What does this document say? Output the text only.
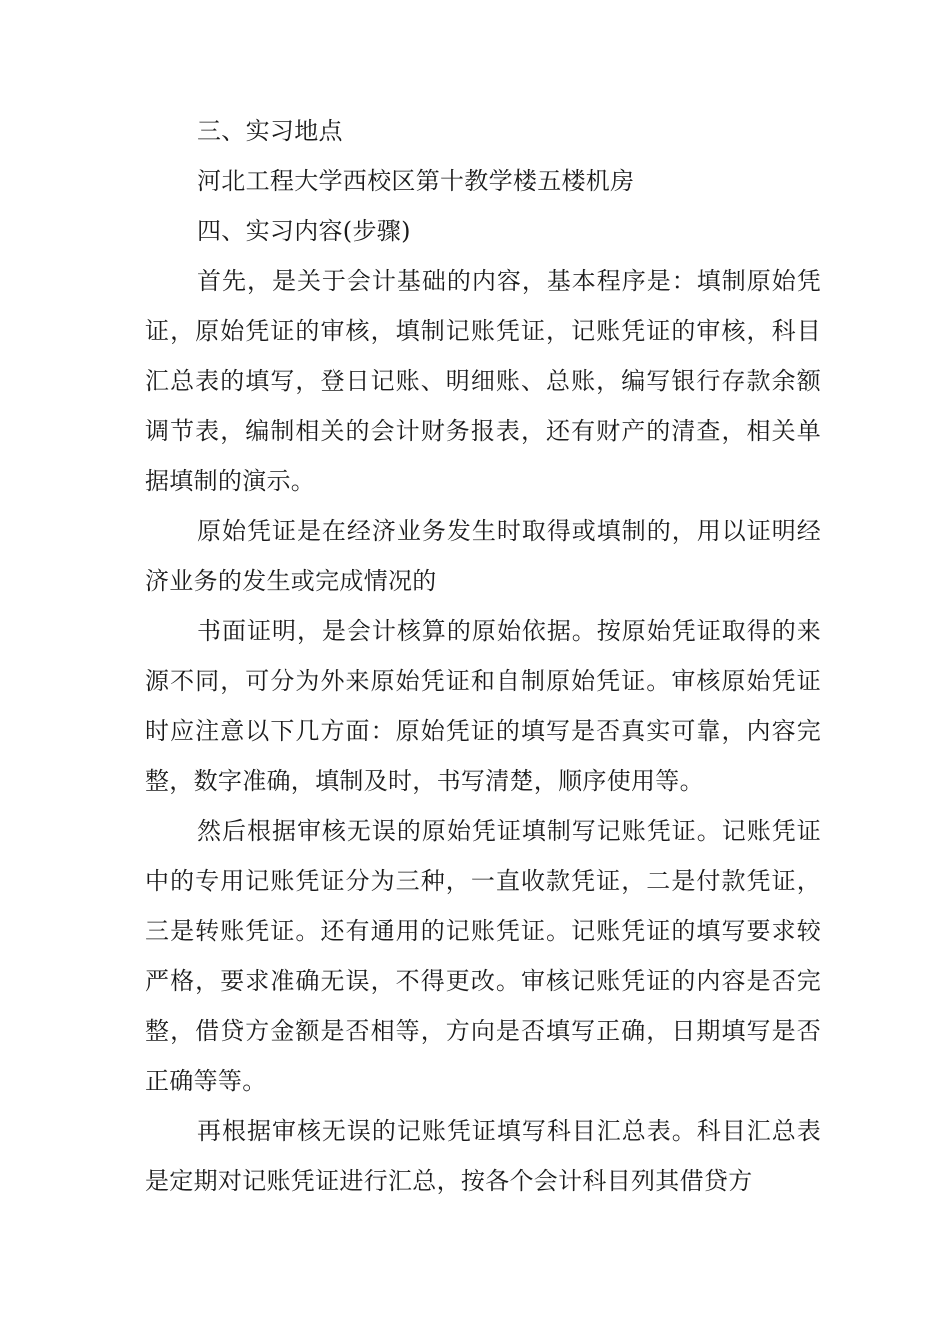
三、实习地点

河北工程大学西校区第十教学楼五楼机房

四、实习内容(步骤)

首先，是关于会计基础的内容，基本程序是：填制原始凭证，原始凭证的审核，填制记账凭证，记账凭证的审核，科目汇总表的填写，登日记账、明细账、总账，编写银行存款余额调节表，编制相关的会计财务报表，还有财产的清查，相关单据填制的演示。

原始凭证是在经济业务发生时取得或填制的，用以证明经济业务的发生或完成情况的

书面证明，是会计核算的原始依据。按原始凭证取得的来源不同，可分为外来原始凭证和自制原始凭证。审核原始凭证时应注意以下几方面：原始凭证的填写是否真实可靠，内容完整，数字准确，填制及时，书写清楚，顺序使用等。

然后根据审核无误的原始凭证填制写记账凭证。记账凭证中的专用记账凭证分为三种，一直收款凭证，二是付款凭证，三是转账凭证。还有通用的记账凭证。记账凭证的填写要求较严格，要求准确无误，不得更改。审核记账凭证的内容是否完整，借贷方金额是否相等，方向是否填写正确，日期填写是否正确等等。

再根据审核无误的记账凭证填写科目汇总表。科目汇总表是定期对记账凭证进行汇总，按各个会计科目列其借贷方
